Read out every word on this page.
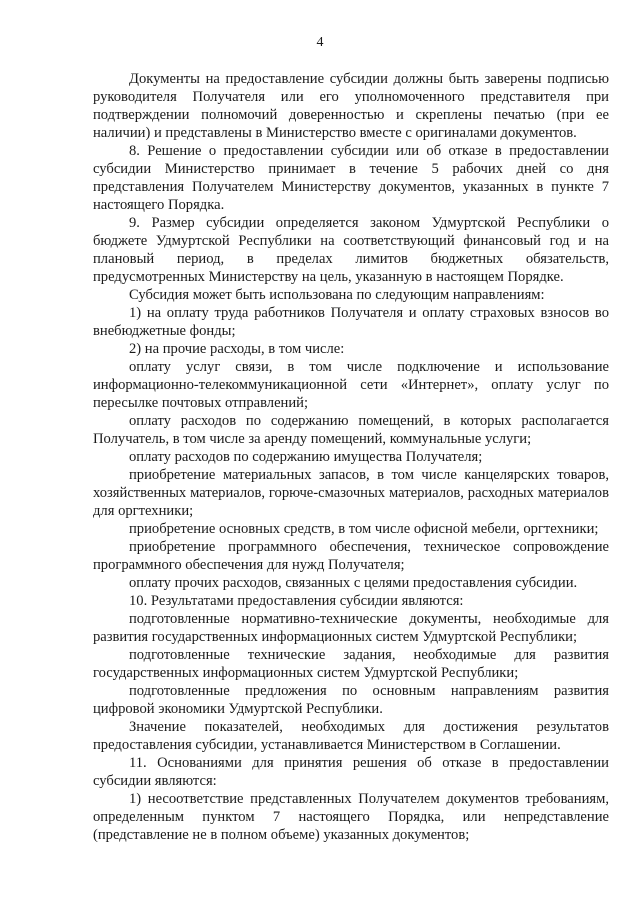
4

Документы на предоставление субсидии должны быть заверены подписью руководителя Получателя или его уполномоченного представителя при подтверждении полномочий доверенностью и скреплены печатью (при ее наличии) и представлены в Министерство вместе с оригиналами документов.

8. Решение о предоставлении субсидии или об отказе в предоставлении субсидии Министерство принимает в течение 5 рабочих дней со дня представления Получателем Министерству документов, указанных в пункте 7 настоящего Порядка.

9. Размер субсидии определяется законом Удмуртской Республики о бюджете Удмуртской Республики на соответствующий финансовый год и на плановый период, в пределах лимитов бюджетных обязательств, предусмотренных Министерству на цель, указанную в настоящем Порядке.

Субсидия может быть использована по следующим направлениям:

1) на оплату труда работников Получателя и оплату страховых взносов во внебюджетные фонды;

2) на прочие расходы, в том числе:

оплату услуг связи, в том числе подключение и использование информационно-телекоммуникационной сети «Интернет», оплату услуг по пересылке почтовых отправлений;

оплату расходов по содержанию помещений, в которых располагается Получатель, в том числе за аренду помещений, коммунальные услуги;

оплату расходов по содержанию имущества Получателя;

приобретение материальных запасов, в том числе канцелярских товаров, хозяйственных материалов, горюче-смазочных материалов, расходных материалов для оргтехники;

приобретение основных средств, в том числе офисной мебели, оргтехники;

приобретение программного обеспечения, техническое сопровождение программного обеспечения для нужд Получателя;

оплату прочих расходов, связанных с целями предоставления субсидии.

10. Результатами предоставления субсидии являются:

подготовленные нормативно-технические документы, необходимые для развития государственных информационных систем Удмуртской Республики;

подготовленные технические задания, необходимые для развития государственных информационных систем Удмуртской Республики;

подготовленные предложения по основным направлениям развития цифровой экономики Удмуртской Республики.

Значение показателей, необходимых для достижения результатов предоставления субсидии, устанавливается Министерством в Соглашении.

11. Основаниями для принятия решения об отказе в предоставлении субсидии являются:

1) несоответствие представленных Получателем документов требованиям, определенным пунктом 7 настоящего Порядка, или непредставление (представление не в полном объеме) указанных документов;
